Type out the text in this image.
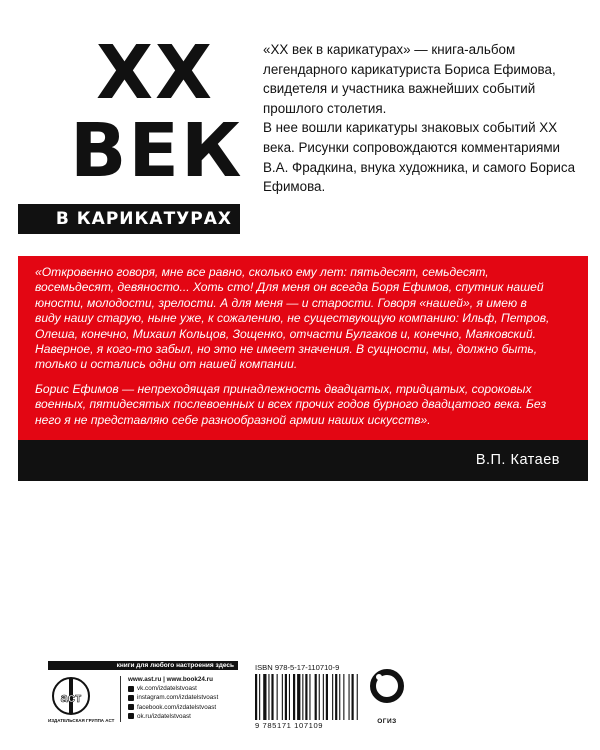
XX
ВЕК
В КАРИКАТУРАХ

«XX век в карикатурах» — книга-альбом легендарного карикатуриста Бориса Ефимова, свидетеля и участника важнейших событий прошлого столетия.

В нее вошли карикатуры знаковых событий XX века. Рисунки сопровождаются комментариями В.А. Фрадкина, внука художника, и самого Бориса Ефимова.

«Откровенно говоря, мне все равно, сколько ему лет: пятьдесят, семьдесят, восемьдесят, девяносто... Хоть сто! Для меня он всегда Боря Ефимов, спутник нашей юности, молодости, зрелости. А для меня — и старости. Говоря «нашей», я имею в виду нашу старую, ныне уже, к сожалению, не существующую компанию: Ильф, Петров, Олеша, конечно, Михаил Кольцов, Зощенко, отчасти Булгаков и, конечно, Маяковский. Наверное, я кого-то забыл, но это не имеет значения. В сущности, мы, должно быть, только и остались одни от нашей компании.

Борис Ефимов — непреходящая принадлежность двадцатых, тридцатых, сороковых военных, пятидесятых послевоенных и всех прочих годов бурного двадцатого века. Без него я не представляю себе разнообразной армии наших искусств».

В.П. Катаев
книги для любого настроения здесь
аст
ИЗДАТЕЛЬСКАЯ ГРУППА АСТ
www.ast.ru | www.book24.ru
vk.com/izdatelstvoast
instagram.com/izdatelstvoast
facebook.com/izdatelstvoast
ok.ru/izdatelstvoast
ISBN 978-5-17-110710-9
9 785171 107109	ОГИЗ
